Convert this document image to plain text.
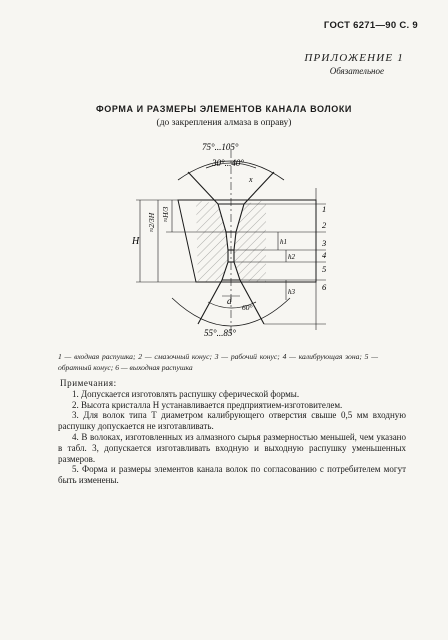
ГОСТ 6271—90 С. 9
ПРИЛОЖЕНИЕ 1
Обязательное
ФОРМА И РАЗМЕРЫ ЭЛЕМЕНТОВ КАНАЛА ВОЛОКИ
(до закрепления алмаза в оправу)
75°...105°
30°...40°
x
55°...85°
60°
d
H
≈2/3H ≈H/3
h1
h2
h3
1
2
3
4
5
6
1 — входная распушка; 2 — смазочный конус; 3 — рабочий конус; 4 — калибрующая зона; 5 — обратный конус; 6 — выходная распушка
Примечания:

1. Допускается изготовлять распушку сферической формы.

2. Высота кристалла H устанавливается предприятием-изготовителем.

3. Для волок типа Т диаметром калибрующего отверстия свыше 0,5 мм входную распушку допускается не изготавливать.

4. В волоках, изготовленных из алмазного сырья размерностью меньшей, чем указано в табл. 3, допускается изготавливать входную и выходную распушку уменьшенных размеров.

5. Форма и размеры элементов канала волок по согласованию с потребителем могут быть изменены.
